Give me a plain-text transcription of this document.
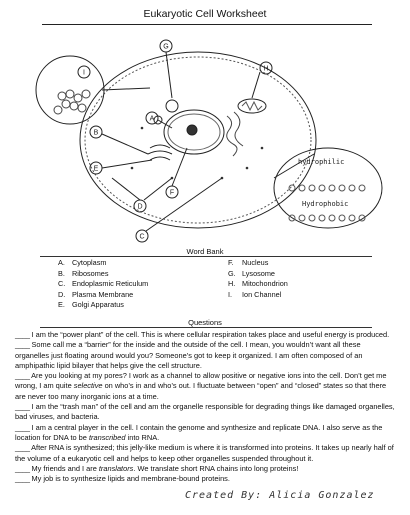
Eukaryotic Cell Worksheet
I
G
H
A
B
E
F
D
C
hydrophilic
Hydrophobic
Word Bank
A. Cytoplasm
B. Ribosomes
C. Endoplasmic Reticulum
D. Plasma Membrane
E. Golgi Apparatus
F.	Nucleus
G. Lysosome
H. Mitochondrion
I.	Ion Channel
Questions

____ I am the “power plant” of the cell. This is where cellular respiration takes place and useful energy is produced.

____ Some call me a “barrier” for the inside and the outside of the cell. I mean, you wouldn’t want all these organelles just floating around would you? Someone’s got to keep it organized. I am often composed of an amphipathic lipid bilayer that helps give the cell structure.

____ Are you looking at my pores? I work as a channel to allow positive or negative ions into the cell. Don’t get me wrong, I am quite selective on who’s in and who’s out. I fluctuate between “open” and “closed” states so that there are never too many inorganic ions at a time.

____ I am the “trash man” of the cell and am the organelle responsible for degrading things like damaged organelles, bad viruses, and bacteria.

____ I am a central player in the cell. I contain the genome and synthesize and replicate DNA. I also serve as the location for DNA to be transcribed into RNA.

____ After RNA is synthesized; this jelly-like medium is where it is transformed into proteins. It takes up nearly half of the volume of a eukaryotic cell and helps to keep other organelles suspended throughout it.

____ My friends and I are translators. We translate short RNA chains into long proteins!

____ My job is to synthesize lipids and membrane-bound proteins.

Created By: Alicia Gonzalez
